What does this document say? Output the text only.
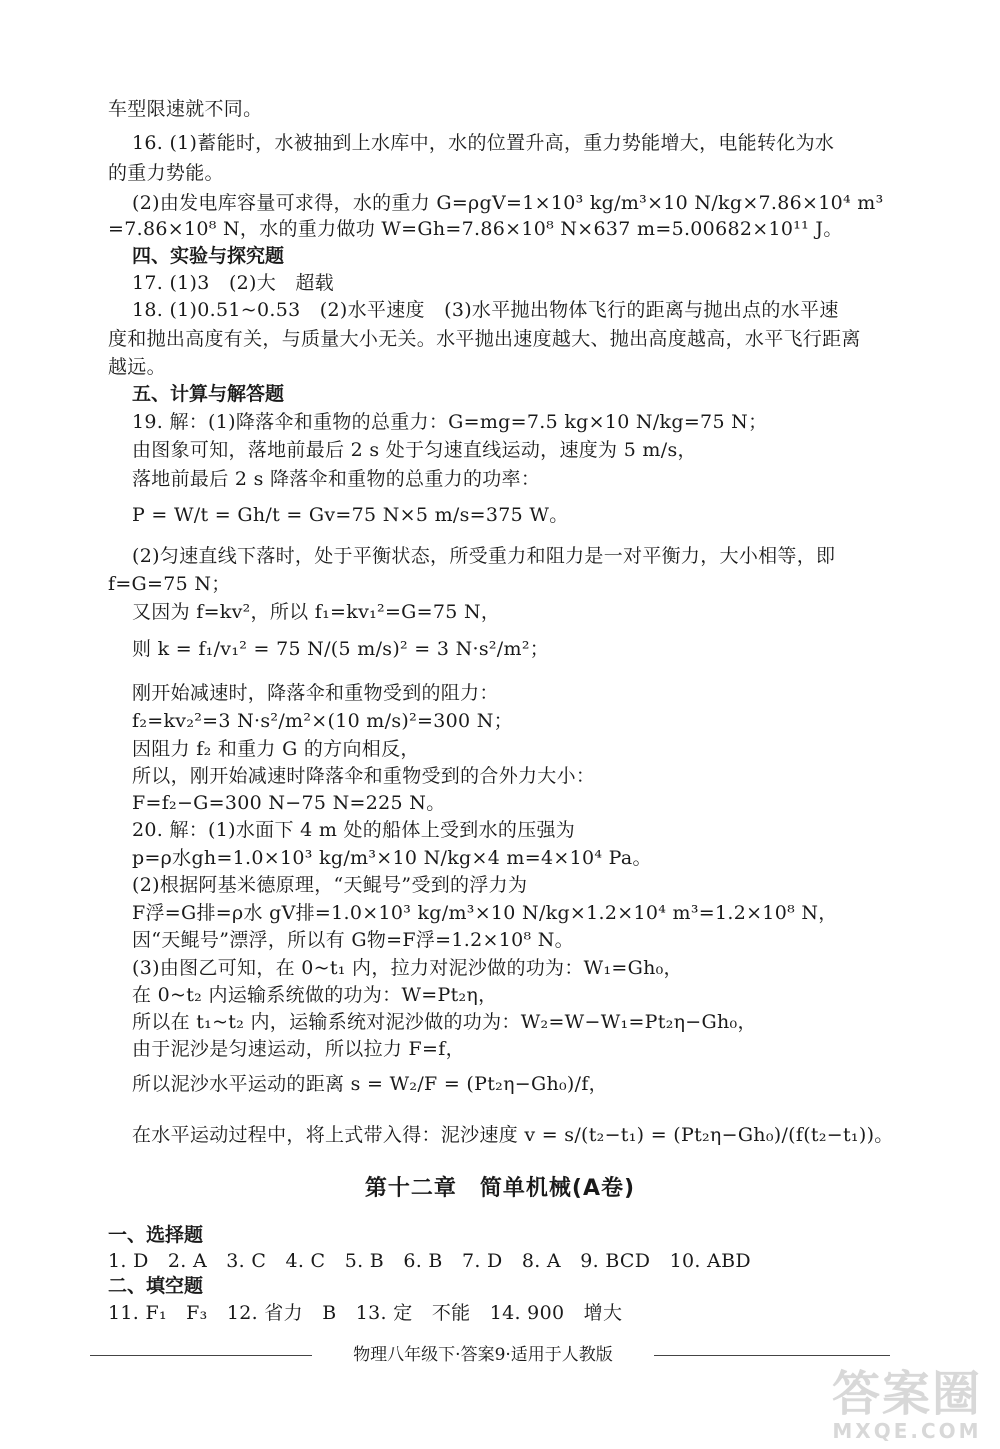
车型限速就不同。
16. (1)蓄能时，水被抽到上水库中，水的位置升高，重力势能增大，电能转化为水
的重力势能。
(2)由发电库容量可求得，水的重力 G=ρgV=1×10³ kg/m³×10 N/kg×7.86×10⁴ m³
=7.86×10⁸ N，水的重力做功 W=Gh=7.86×10⁸ N×637 m=5.00682×10¹¹ J。
四、实验与探究题
17. (1)3　(2)大　超载
18. (1)0.51~0.53　(2)水平速度　(3)水平抛出物体飞行的距离与抛出点的水平速
度和抛出高度有关，与质量大小无关。水平抛出速度越大、抛出高度越高，水平飞行距离
越远。
五、计算与解答题
19. 解：(1)降落伞和重物的总重力：G=mg=7.5 kg×10 N/kg=75 N；
由图象可知，落地前最后 2 s 处于匀速直线运动，速度为 5 m/s，
落地前最后 2 s 降落伞和重物的总重力的功率：
P = W/t = Gh/t = Gv=75 N×5 m/s=375 W。
(2)匀速直线下落时，处于平衡状态，所受重力和阻力是一对平衡力，大小相等，即
f=G=75 N；
又因为 f=kv²，所以 f₁=kv₁²=G=75 N，
则 k = f₁/v₁² = 75 N/(5 m/s)² = 3 N·s²/m²；
刚开始减速时，降落伞和重物受到的阻力：
f₂=kv₂²=3 N·s²/m²×(10 m/s)²=300 N；
因阻力 f₂ 和重力 G 的方向相反，
所以，刚开始减速时降落伞和重物受到的合外力大小：
F=f₂−G=300 N−75 N=225 N。
20. 解：(1)水面下 4 m 处的船体上受到水的压强为
p=ρ水gh=1.0×10³ kg/m³×10 N/kg×4 m=4×10⁴ Pa。
(2)根据阿基米德原理，“天鲲号”受到的浮力为
F浮=G排=ρ水 gV排=1.0×10³ kg/m³×10 N/kg×1.2×10⁴ m³=1.2×10⁸ N，
因“天鲲号”漂浮，所以有 G物=F浮=1.2×10⁸ N。
(3)由图乙可知，在 0~t₁ 内，拉力对泥沙做的功为：W₁=Gh₀，
在 0~t₂ 内运输系统做的功为：W=Pt₂η，
所以在 t₁~t₂ 内，运输系统对泥沙做的功为：W₂=W−W₁=Pt₂η−Gh₀，
由于泥沙是匀速运动，所以拉力 F=f，
所以泥沙水平运动的距离 s = W₂/F = (Pt₂η−Gh₀)/f，
在水平运动过程中，将上式带入得：泥沙速度 v = s/(t₂−t₁) = (Pt₂η−Gh₀)/(f(t₂−t₁))。
第十二章　简单机械(A卷)
一、选择题
1. D　2. A　3. C　4. C　5. B　6. B　7. D　8. A　9. BCD　10. ABD
二、填空题
11. F₁　F₃　12. 省力　B　13. 定　不能　14. 900　增大
物理八年级下·答案9·适用于人教版
答案圈
MXQE.COM
